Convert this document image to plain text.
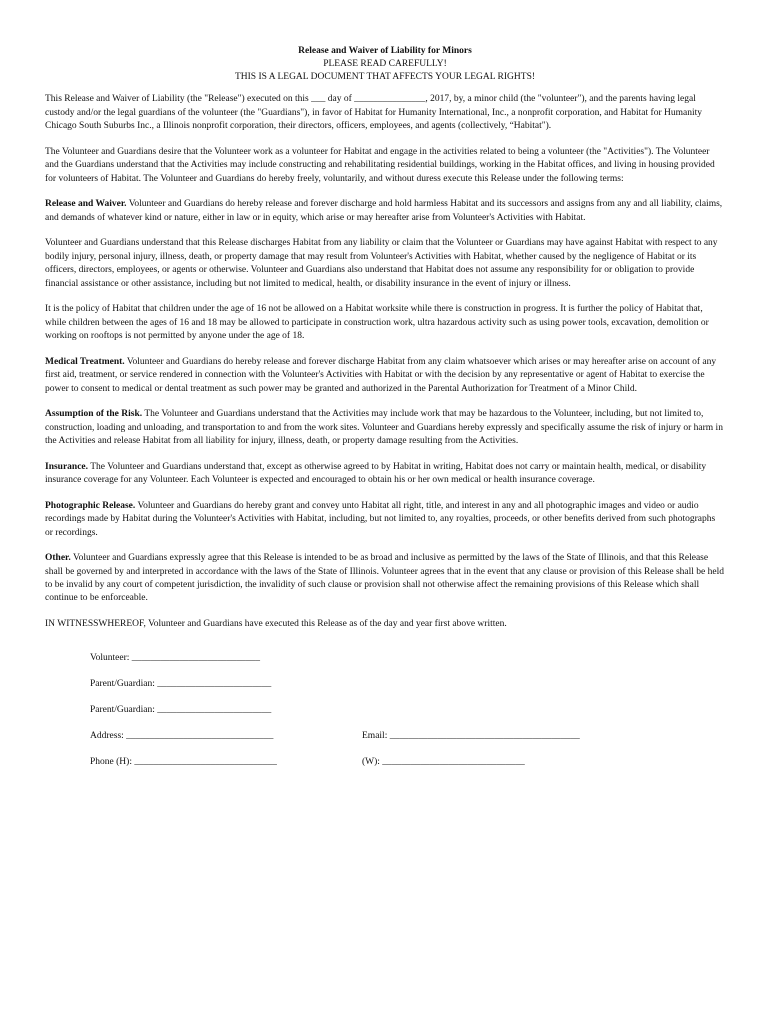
Release and Waiver of Liability for Minors
PLEASE READ CAREFULLY!
THIS IS A LEGAL DOCUMENT THAT AFFECTS YOUR LEGAL RIGHTS!

This Release and Waiver of Liability (the "Release") executed on this ___ day of _______________, 2017, by, a minor child (the "volunteer"), and the parents having legal custody and/or the legal guardians of the volunteer (the "Guardians"), in favor of Habitat for Humanity International, Inc., a nonprofit corporation, and Habitat for Humanity Chicago South Suburbs Inc., a Illinois nonprofit corporation, their directors, officers, employees, and agents (collectively, “Habitat").

The Volunteer and Guardians desire that the Volunteer work as a volunteer for Habitat and engage in the activities related to being a volunteer (the "Activities"). The Volunteer and the Guardians understand that the Activities may include constructing and rehabilitating residential buildings, working in the Habitat offices, and living in housing provided for volunteers of Habitat. The Volunteer and Guardians do hereby freely, voluntarily, and without duress execute this Release under the following terms:

Release and Waiver. Volunteer and Guardians do hereby release and forever discharge and hold harmless Habitat and its successors and assigns from any and all liability, claims, and demands of whatever kind or nature, either in law or in equity, which arise or may hereafter arise from Volunteer's Activities with Habitat.

Volunteer and Guardians understand that this Release discharges Habitat from any liability or claim that the Volunteer or Guardians may have against Habitat with respect to any bodily injury, personal injury, illness, death, or property damage that may result from Volunteer's Activities with Habitat, whether caused by the negligence of Habitat or its officers, directors, employees, or agents or otherwise. Volunteer and Guardians also understand that Habitat does not assume any responsibility for or obligation to provide financial assistance or other assistance, including but not limited to medical, health, or disability insurance in the event of injury or illness.

It is the policy of Habitat that children under the age of 16 not be allowed on a Habitat worksite while there is construction in progress. It is further the policy of Habitat that, while children between the ages of 16 and 18 may be allowed to participate in construction work, ultra hazardous activity such as using power tools, excavation, demolition or working on rooftops is not permitted by anyone under the age of 18.

Medical Treatment. Volunteer and Guardians do hereby release and forever discharge Habitat from any claim whatsoever which arises or may hereafter arise on account of any first aid, treatment, or service rendered in connection with the Volunteer's Activities with Habitat or with the decision by any representative or agent of Habitat to exercise the power to consent to medical or dental treatment as such power may be granted and authorized in the Parental Authorization for Treatment of a Minor Child.

Assumption of the Risk. The Volunteer and Guardians understand that the Activities may include work that may be hazardous to the Volunteer, including, but not limited to, construction, loading and unloading, and transportation to and from the work sites. Volunteer and Guardians hereby expressly and specifically assume the risk of injury or harm in the Activities and release Habitat from all liability for injury, illness, death, or property damage resulting from the Activities.

Insurance. The Volunteer and Guardians understand that, except as otherwise agreed to by Habitat in writing, Habitat does not carry or maintain health, medical, or disability insurance coverage for any Volunteer. Each Volunteer is expected and encouraged to obtain his or her own medical or health insurance coverage.

Photographic Release. Volunteer and Guardians do hereby grant and convey unto Habitat all right, title, and interest in any and all photographic images and video or audio recordings made by Habitat during the Volunteer's Activities with Habitat, including, but not limited to, any royalties, proceeds, or other benefits derived from such photographs or recordings.

Other. Volunteer and Guardians expressly agree that this Release is intended to be as broad and inclusive as permitted by the laws of the State of Illinois, and that this Release shall be governed by and interpreted in accordance with the laws of the State of Illinois. Volunteer agrees that in the event that any clause or provision of this Release shall be held to be invalid by any court of competent jurisdiction, the invalidity of such clause or provision shall not otherwise affect the remaining provisions of this Release which shall continue to be enforceable.

IN WITNESSWHEREOF, Volunteer and Guardians have executed this Release as of the day and year first above written.

Volunteer: ___________________________
Parent/Guardian: ________________________
Parent/Guardian: ________________________
Address: _______________________________	Email: ________________________________________
Phone (H): ______________________________	(W): ______________________________
